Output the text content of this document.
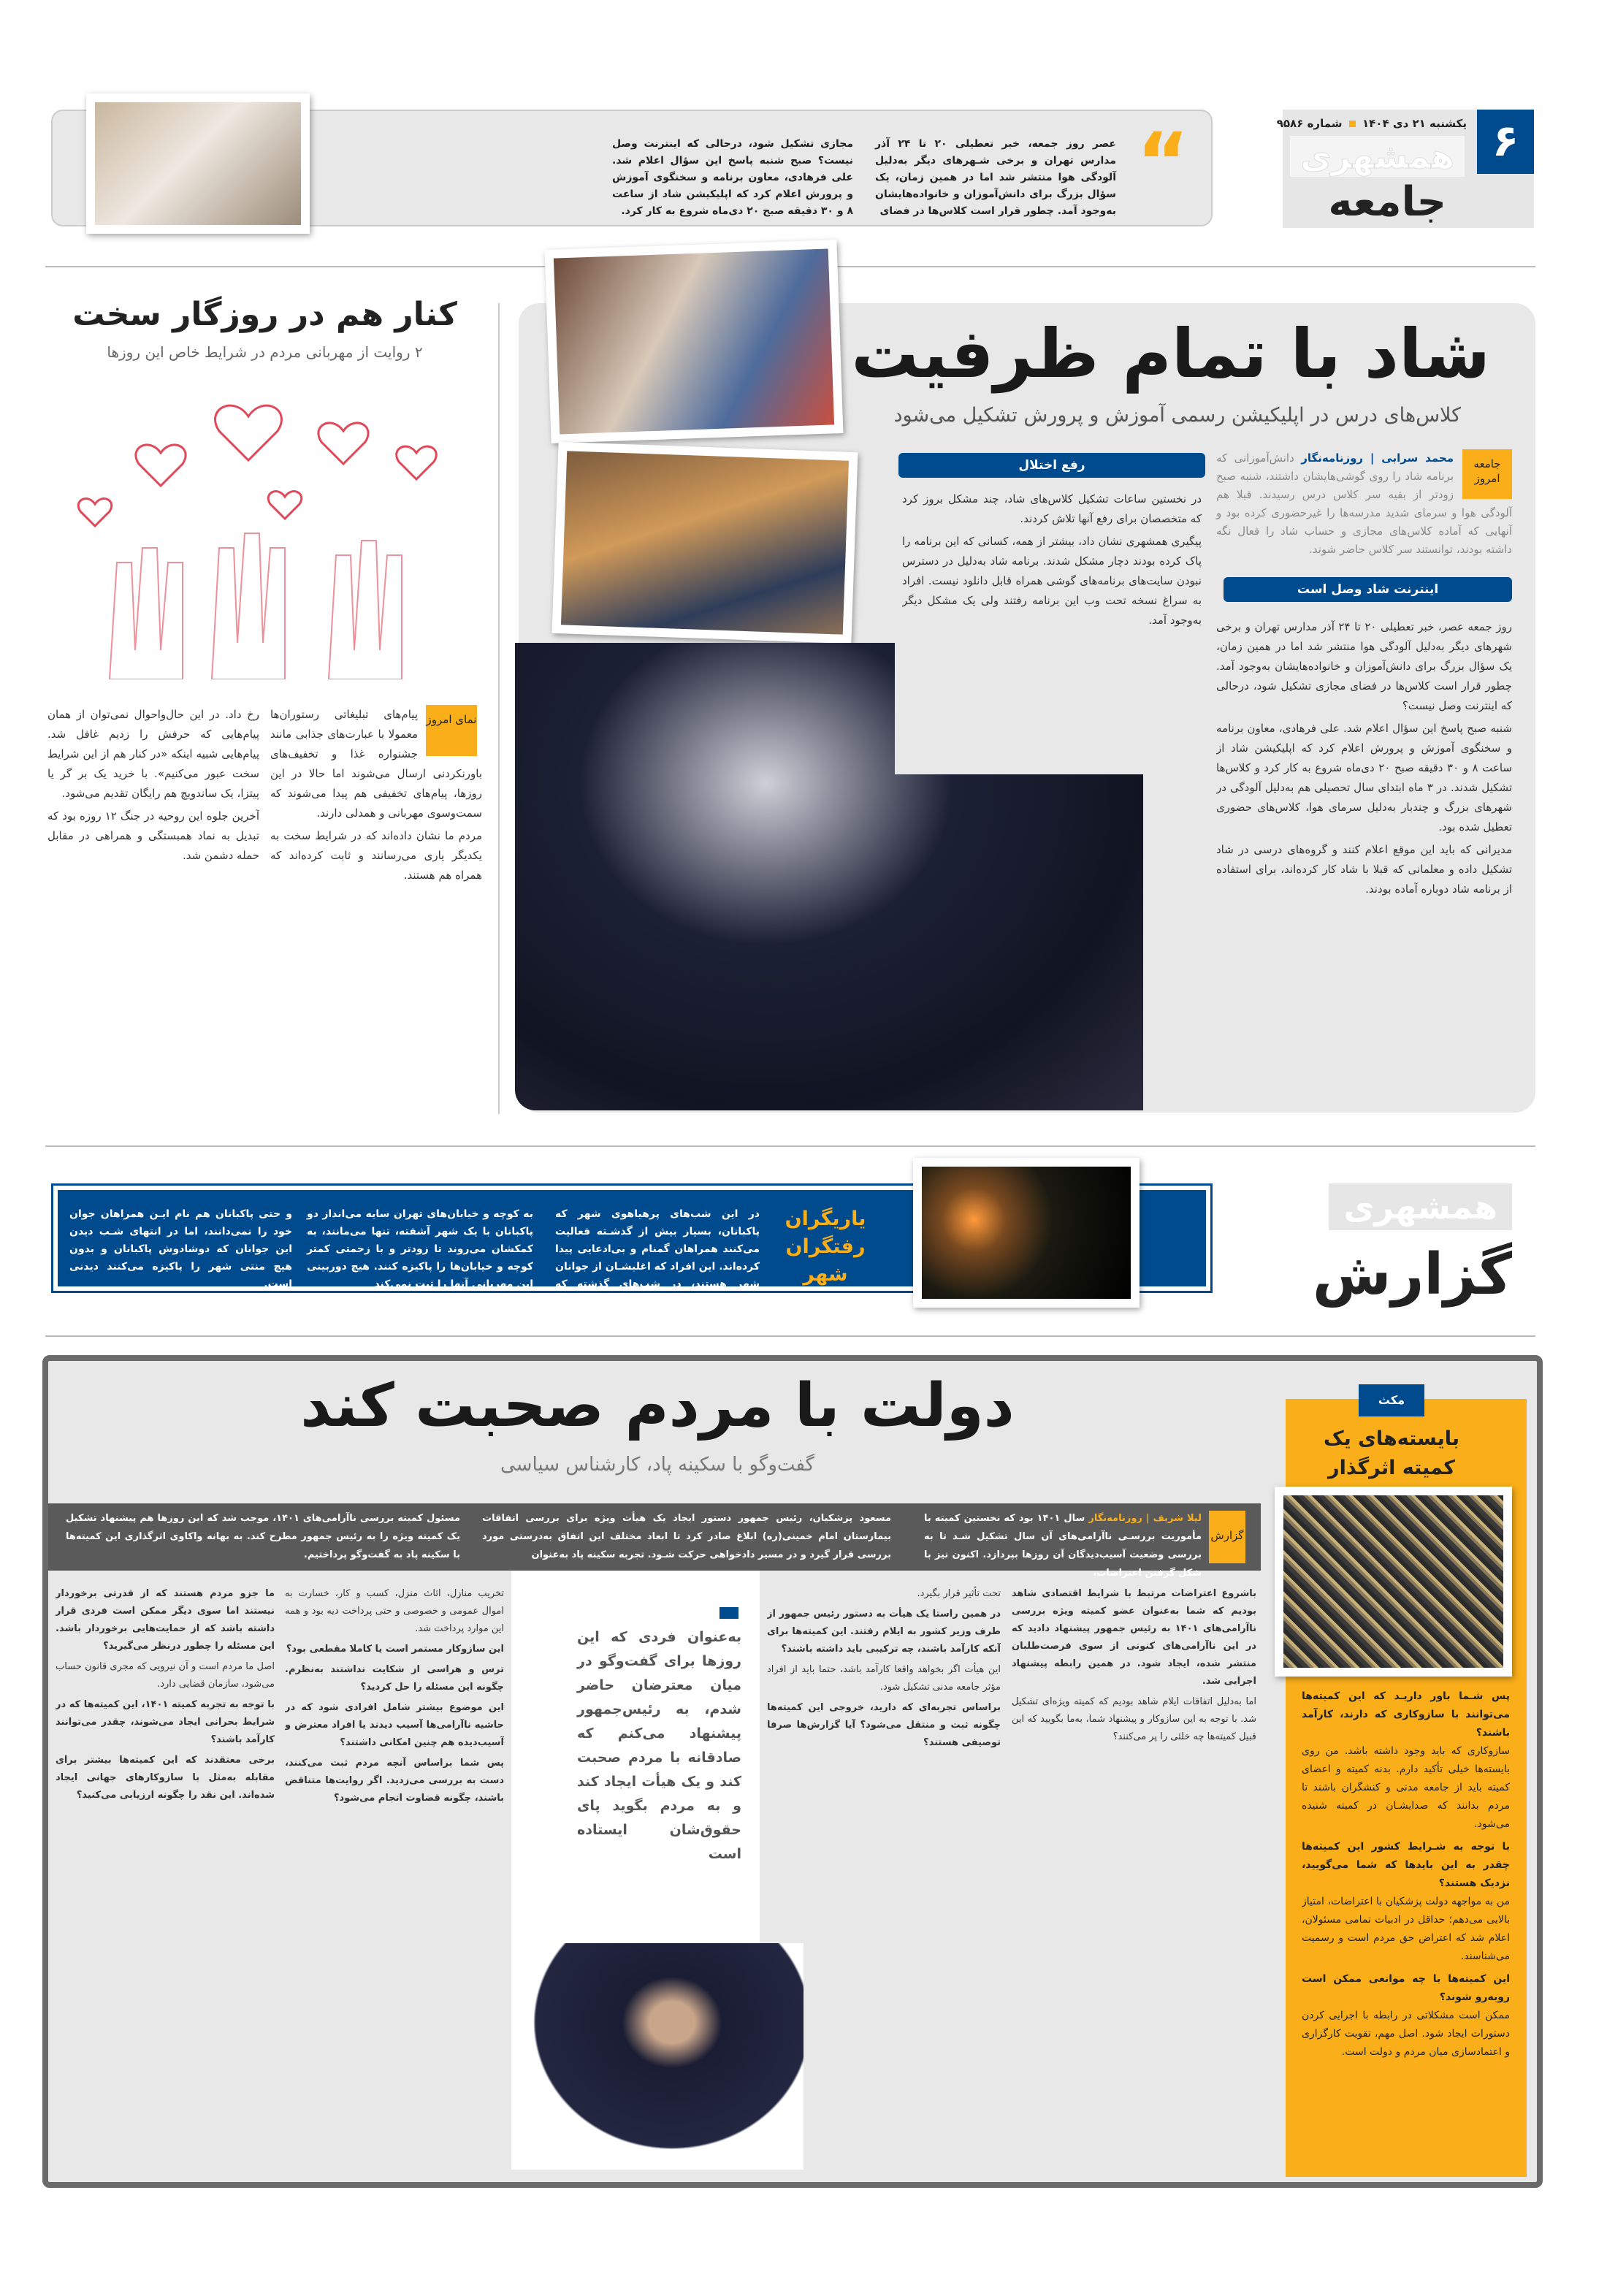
۶
یکشنبه ۲۱ دی ۱۴۰۴  شماره ۹۵۸۶
همشهری
جامعه
“
عصر روز جمعه، خبر تعطیلی ۲۰ تا ۲۴ آذر مدارس تهران و برخی شـهرهای دیگر به‌دلیل آلودگی هوا منتشر شد اما در همین زمان، یک سؤال بزرگ برای دانش‌آموزان و خانواده‌هایشان به‌وجود آمد. چطور قرار است کلاس‌ها در فضای
مجازی تشکیل شود، درحالی که اینترنت وصل نیست؟ صبح شنبه پاسخ این سؤال اعلام شد. علی فرهادی، معاون برنامه و سخنگوی آموزش و پرورش اعلام کرد که اپلیکیشن شاد از ساعت ۸ و ۳۰ دقیقه صبح ۲۰ دی‌ماه شروع به کار کرد.
کنار هم در روزگار سخت
۲ روایت از مهربانی مردم در شرایط خاص این روزها
نمای امروز

پیام‌های تبلیغاتی رستوران‌ها معمولا با عبارت‌های جذابی مانند جشنواره غذا و تخفیف‌های باورنکردنی ارسال می‌شوند اما حالا در این روزها، پیام‌های تخفیفی هم پیدا می‌شوند که سمت‌وسوی مهربانی و همدلی دارند.

مردم ما نشان داده‌اند که در شرایط سخت به یکدیگر یاری می‌رسانند و ثابت کرده‌اند که همراه هم هستند.

رخ داد. در این حال‌واحوال نمی‌توان از همان پیام‌هایی که حرفش را زدیم غافل شد. پیام‌هایی شبیه اینکه «در کنار هم از این شرایط سخت عبور می‌کنیم». با خرید یک بر گر یا پیتزا، یک ساندویچ هم رایگان تقدیم می‌شود.

آخرین جلوه این روحیه در جنگ ۱۲ روزه بود که تبدیل به نماد همبستگی و همراهی در مقابل حمله دشمن شد.

شاد با تمام ظرفیت
کلاس‌های درس در اپلیکیشن رسمی آموزش و پرورش تشکیل می‌شود
جامعه امروز
محمد سرابی | روزنامه‌نگار دانش‌آموزانی که برنامه شاد را روی گوشی‌هایشان داشتند، شنبه صبح زودتر از بقیه سر کلاس درس رسیدند. قبلا هم آلودگی هوا و سرمای شدید مدرسه‌ها را غیرحضوری کرده بود و آنهایی که آماده کلاس‌های مجازی و حساب شاد را فعال نگه داشته بودند، توانستند سر کلاس حاضر شوند.
اینترنت شاد وصل است

روز جمعه عصر، خبر تعطیلی ۲۰ تا ۲۴ آذر مدارس تهران و برخی شهرهای دیگر به‌دلیل آلودگی هوا منتشر شد اما در همین زمان، یک سؤال بزرگ برای دانش‌آموزان و خانواده‌هایشان به‌وجود آمد. چطور قرار است کلاس‌ها در فضای مجازی تشکیل شود، درحالی که اینترنت وصل نیست؟

شنبه صبح پاسخ این سؤال اعلام شد. علی فرهادی، معاون برنامه و سخنگوی آموزش و پرورش اعلام کرد که اپلیکیشن شاد از ساعت ۸ و ۳۰ دقیقه صبح ۲۰ دی‌ماه شروع به کار کرد و کلاس‌ها تشکیل شدند. در ۳ ماه ابتدای سال تحصیلی هم به‌دلیل آلودگی در شهرهای بزرگ و چندبار به‌دلیل سرمای هوا، کلاس‌های حضوری تعطیل شده بود.

مدیرانی که باید این موقع اعلام کنند و گروه‌های درسی در شاد تشکیل داده و معلمانی که قبلا با شاد کار کرده‌اند، برای استفاده از برنامه شاد دوباره آماده بودند.

رفع اختلال

در نخستین ساعات تشکیل کلاس‌های شاد، چند مشکل بروز کرد که متخصصان برای رفع آنها تلاش کردند.

پیگیری همشهری نشان داد، بیشتر از همه، کسانی که این برنامه را پاک کرده بودند دچار مشکل شدند. برنامه شاد به‌دلیل در دسترس نبودن سایت‌های برنامه‌های گوشی همراه قابل دانلود نیست. افراد به سراغ نسخه تحت وب این برنامه رفتند ولی یک مشکل دیگر به‌وجود آمد.

همشهری
گزارش
یاریگران رفتگران شهر
در این شب‌های پرهیاهوی شهر که پاکبانان، بسیار بیش از گذشـته فعالیت می‌کنند همراهان گمنام و بی‌ادعایی پیدا کرده‌اند. این افراد که اغلبشـان از جوانان شهر هستند، در شب‌های گذشته که آرامش
به کوچه و خیابان‌های تهران سایه می‌انداز دو پاکبانان با یک شهر آشفته، تنها می‌مانند، به کمکشان می‌روند تا زودتر و با زحمتی کمتر کوچه و خیابان‌ها را پاکیزه کنند. هیچ دوربینی این مهربانی آنها را ثبت نمی‌کند
و حتی پاکبانان هم نام ایـن همراهان جوان خود را نمی‌دانند، اما در انتهای شـب دیدن این جوانان که دوشادوش پاکبانان و بدون هیچ منتی شهر را پاکیزه می‌کنند دیدنی است.
دولت با مردم صحبت کند
گفت‌وگو با سکینه پاد، کارشناس سیاسی
گزارش
لیلا شریف | روزنامه‌نگار سال ۱۴۰۱ بود که نخستین کمیته با مأموریت بررسـی ناآرامی‌های آن سال تشکیل شـد تا به بررسی وضعیت آسیب‌دیدگان آن روزها بپردازد. اکنون نیز با شکل گرفتن اعتراضات،
مسعود پزشکیان، رئیس جمهور دستور ایجاد یک هیأت ویژه برای بررسی اتفاقات بیمارستان امام خمینی(ره) ابلاغ صادر کرد تا ابعاد مختلف این اتفاق به‌درستی مورد بررسی قرار گیرد و در مسیر دادخواهی حرکت شـود. تجربه سکینه پاد به‌عنوان
مسئول کمیته بررسی ناآرامی‌های ۱۴۰۱، موجب شد که این روزها هم پیشنهاد تشکیل یک کمیته ویژه را به رئیس جمهور مطرح کند. به بهانه واکاوی اثرگذاری این کمیته‌ها با سکینه پاد به گفت‌وگو پرداختیم.

باشروع اعتراضات مرتبط با شرایط اقتصادی شاهد بودیم که شما به‌عنوان عضو کمیته ویژه بررسی ناآرامی‌های ۱۴۰۱ به رئیس جمهور پیشنهاد دادید که در این ناآرامی‌های کنونی از سوی فرصت‌طلبان منتشر شده، ایجاد شود. در همین رابطه پیشنهاد‌ اجرایی شد.

اما به‌دلیل اتفاقات ایلام شاهد بودیم که کمیته ویژه‌ای تشکیل شد. با توجه به این سازوکار و پیشنهاد شما، به‌ما بگویید که این قبیل کمیته‌ها چه خلئی را پر می‌کنند؟

تحت تأثیر قرار بگیرد.

در همین راستا یک هیأت به دستور رئیس جمهور از طرف وزیر کشور به ایلام رفتند. این کمیته‌ها برای آنکه کارآمد باشند، چه ترکیبی باید داشته باشند؟

این هیأت اگر بخواهد واقعا کارآمد باشد، حتما باید از افراد مؤثر جامعه مدنی تشکیل شود.

براساس تجربه‌ای که دارید، خروجی این کمیته‌ها چگونه ثبت و منتقل می‌شود؟ آیا گزارش‌ها صرفا توصیفی هستند؟

به‌عنوان فردی که این روزها برای گفت‌وگو در میان معترضان حاضر شدم، به رئیس‌جمهور پیشنهاد می‌کنم که صادقانه با مردم صحبت کند و یک هیأت ایجاد کند و به مردم بگوید پای حقوق‌شان ایستاده است

تخریب منازل، اثاث منزل، کسب و کار، خسارت به اموال عمومی و خصوصی و حتی پرداخت دیه بود و همه این موارد پرداخت شد.

این سازوکار مستمر است یا کاملا مقطعی بود؟

ترس و هراسی از شکایت نداشتند به‌نظرم. چگونه این مسئله را حل کردید؟

این موضوع بیشتر شامل افرادی شود که در حاشیه ناآرامی‌ها آسیب دیدند یا افراد معترض و آسیب‌دیده هم چنین امکانی داشتند؟

پس شما براساس آنچه مردم ثبت می‌کنند، دست به بررسی می‌زدید. اگر روایت‌ها متناقض باشند، چگونه قضاوت انجام می‌شود؟

ما جزو مردم هستند که از قدرتی برخوردار نیستند اما سوی دیگر ممکن است فردی قرار داشته باشد که از حمایت‌هایی برخوردار باشد. این مسئله را چطور درنظر می‌گیرید؟

اصل ما مردم است و آن نیرویی که مجری قانون حساب می‌شود، سازمان قضایی دارد.

با توجه به تجربه کمیته ۱۴۰۱، این کمیته‌ها که در شرایط بحرانی ایجاد می‌شوند، چقدر می‌توانند کارآمد باشند؟

برخی معتقدند که این کمیته‌ها بیشتر برای مقابله به‌مثل با سازوکارهای جهانی ایجاد شده‌اند. این نقد را چگونه ارزیابی می‌کنید؟

مکث
بایسته‌های یک کمیته اثرگذار

پس شـما باور داریـد که این کمیته‌ها می‌توانند با سازوکاری که دارند، کارآمد باشند؟

سازوکاری که باید وجود داشته باشد. من روی بایسته‌ها خیلی تأکید دارم. بدنه کمیته و اعضای کمیته باید از جامعه مدنی و کنشگران باشند تا مردم بدانند که صدایشـان در کمیته شنیده می‌شود.

با توجه به شـرایط کشور این کمیته‌ها چقدر به این بایدها که شما می‌گویید، نزدیک هستند؟

من به مواجهه دولت پزشکیان با اعتراضات، امتیاز بالایی می‌دهم؛ حداقل در ادبیات تمامی مسئولان، اعلام شد که اعتراض حق مردم است و رسمیت می‌شناسند.

این کمیته‌ها با چه موانعی ممکن است روبه‌رو شوند؟

ممکن است مشکلاتی در رابطه با اجرایی کردن دستورات ایجاد شود. اصل مهم، تقویت کارگزاری و اعتمادسازی میان مردم و دولت است.
